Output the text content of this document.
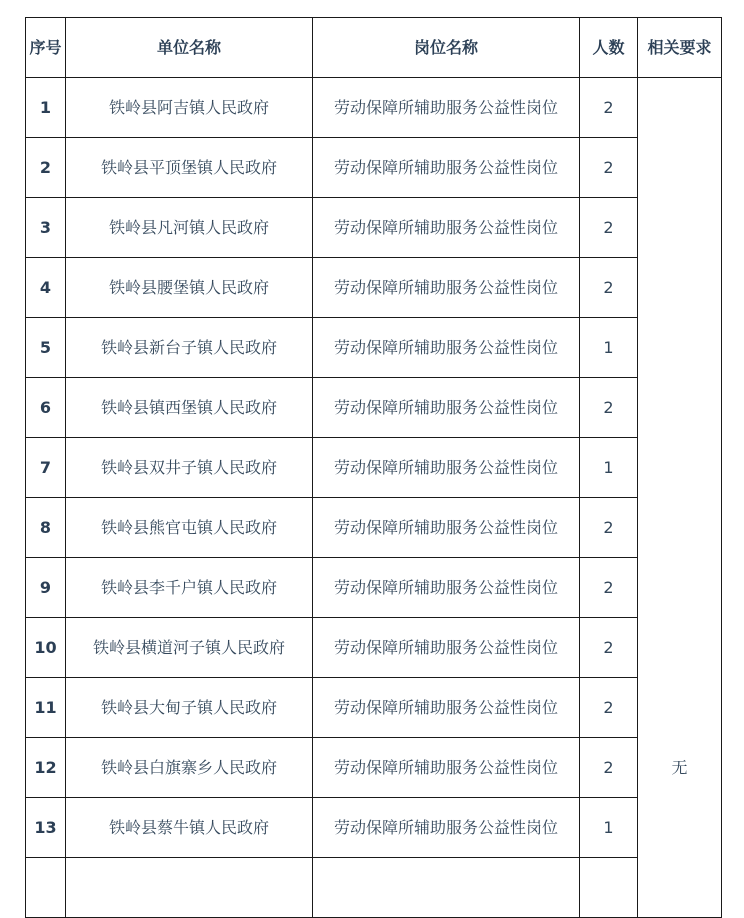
序号	单位名称	岗位名称	人数	相关要求
1	铁岭县阿吉镇人民政府	劳动保障所辅助服务公益性岗位	2	无
2	铁岭县平顶堡镇人民政府	劳动保障所辅助服务公益性岗位	2	
3	铁岭县凡河镇人民政府	劳动保障所辅助服务公益性岗位	2	
4	铁岭县腰堡镇人民政府	劳动保障所辅助服务公益性岗位	2	
5	铁岭县新台子镇人民政府	劳动保障所辅助服务公益性岗位	1	
6	铁岭县镇西堡镇人民政府	劳动保障所辅助服务公益性岗位	2	
7	铁岭县双井子镇人民政府	劳动保障所辅助服务公益性岗位	1	
8	铁岭县熊官屯镇人民政府	劳动保障所辅助服务公益性岗位	2	
9	铁岭县李千户镇人民政府	劳动保障所辅助服务公益性岗位	2	
10	铁岭县横道河子镇人民政府	劳动保障所辅助服务公益性岗位	2	
11	铁岭县大甸子镇人民政府	劳动保障所辅助服务公益性岗位	2	
12	铁岭县白旗寨乡人民政府	劳动保障所辅助服务公益性岗位	2	
13	铁岭县蔡牛镇人民政府	劳动保障所辅助服务公益性岗位	1	
